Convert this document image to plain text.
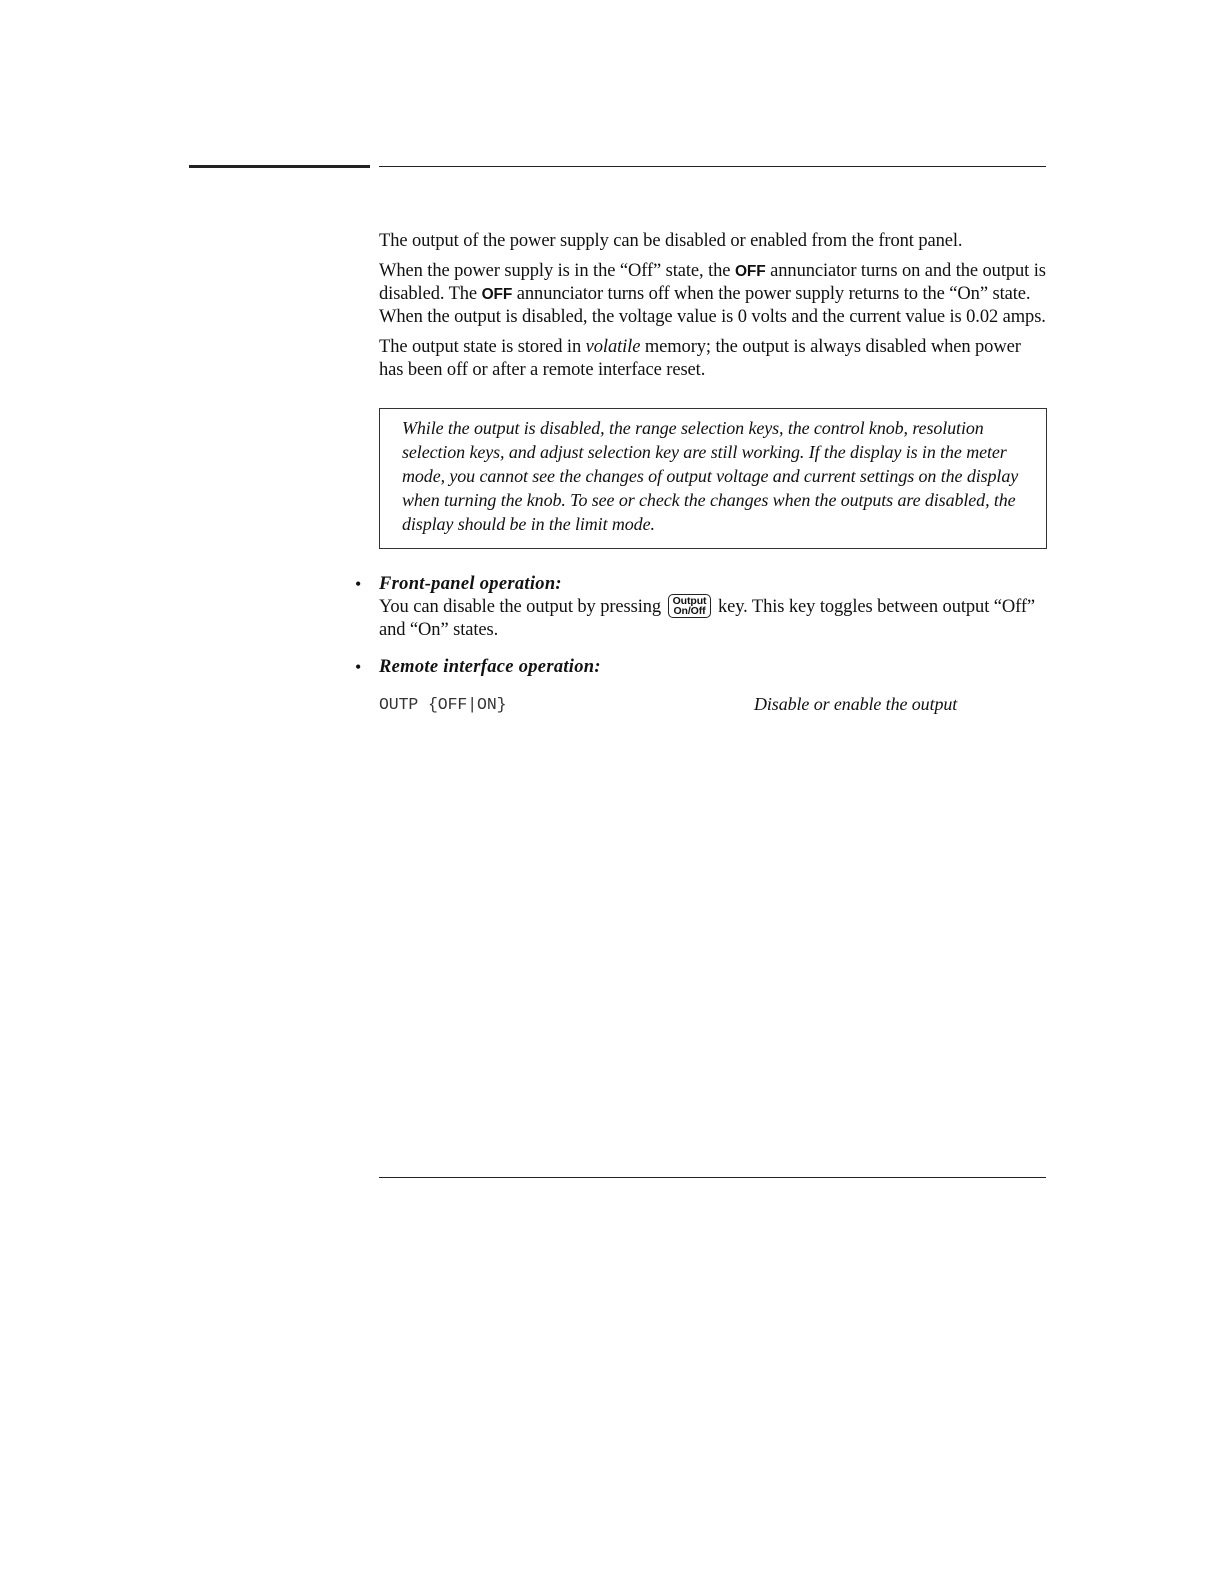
The output of the power supply can be disabled or enabled from the front panel.

When the power supply is in the “Off” state, the OFF annunciator turns on and the output is disabled. The OFF annunciator turns off when the power supply returns to the “On” state. When the output is disabled, the voltage value is 0 volts and the current value is 0.02 amps.

The output state is stored in volatile memory; the output is always disabled when power has been off or after a remote interface reset.

While the output is disabled, the range selection keys, the control knob, resolution selection keys, and adjust selection key are still working. If the display is in the meter mode, you cannot see the changes of output voltage and current settings on the display when turning the knob. To see or check the changes when the outputs are disabled, the display should be in the limit mode.
• Front-panel operation:

You can disable the output by pressing Output
On/Off key. This key toggles between output “Off” and “On” states.

• Remote interface operation:
OUTP {OFF|ON}	Disable or enable the output
